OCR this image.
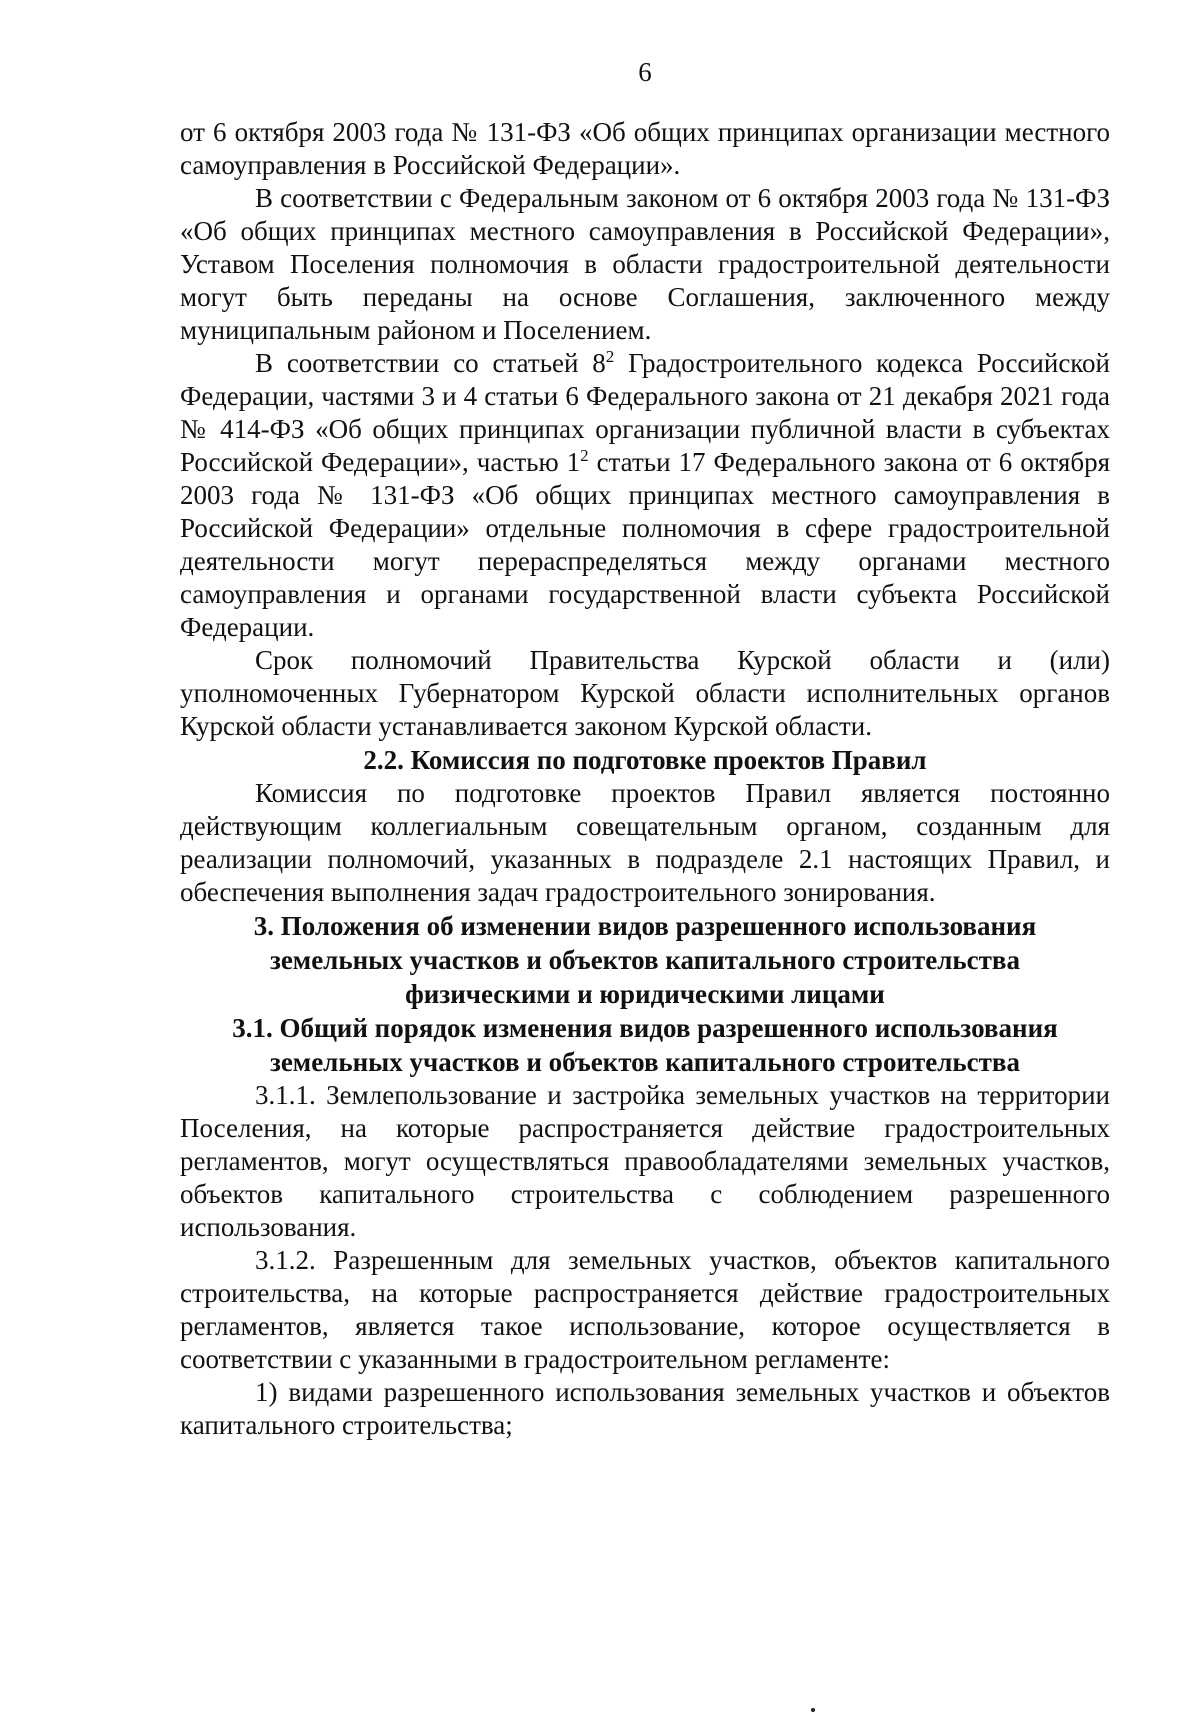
6

от 6 октября 2003 года № 131-ФЗ «Об общих принципах организации местного самоуправления в Российской Федерации».

В соответствии с Федеральным законом от 6 октября 2003 года № 131-ФЗ «Об общих принципах местного самоуправления в Российской Федерации», Уставом Поселения полномочия в области градостроительной деятельности могут быть переданы на основе Соглашения, заключенного между муниципальным районом и Поселением.

В соответствии со статьей $8^2$ Градостроительного кодекса Российской Федерации, частями 3 и 4 статьи 6 Федерального закона от 21 декабря 2021 года № 414-ФЗ «Об общих принципах организации публичной власти в субъектах Российской Федерации», частью $1^2$ статьи 17 Федерального закона от 6 октября 2003 года № 131-ФЗ «Об общих принципах местного самоуправления в Российской Федерации» отдельные полномочия в сфере градостроительной деятельности могут перераспределяться между органами местного самоуправления и органами государственной власти субъекта Российской Федерации.

Срок полномочий Правительства Курской области и (или) уполномоченных Губернатором Курской области исполнительных органов Курской области устанавливается законом Курской области.

2.2. Комиссия по подготовке проектов Правил

Комиссия по подготовке проектов Правил является постоянно действующим коллегиальным совещательным органом, созданным для реализации полномочий, указанных в подразделе 2.1 настоящих Правил, и обеспечения выполнения задач градостроительного зонирования.

3. Положения об изменении видов разрешенного использования
земельных участков и объектов капитального строительства
физическими и юридическими лицами
3.1. Общий порядок изменения видов разрешенного использования
земельных участков и объектов капитального строительства

3.1.1. Землепользование и застройка земельных участков на территории Поселения, на которые распространяется действие градостроительных регламентов, могут осуществляться правообладателями земельных участков, объектов капитального строительства с соблюдением разрешенного использования.

3.1.2. Разрешенным для земельных участков, объектов капитального строительства, на которые распространяется действие градостроительных регламентов, является такое использование, которое осуществляется в соответствии с указанными в градостроительном регламенте:

1) видами разрешенного использования земельных участков и объектов капитального строительства;
